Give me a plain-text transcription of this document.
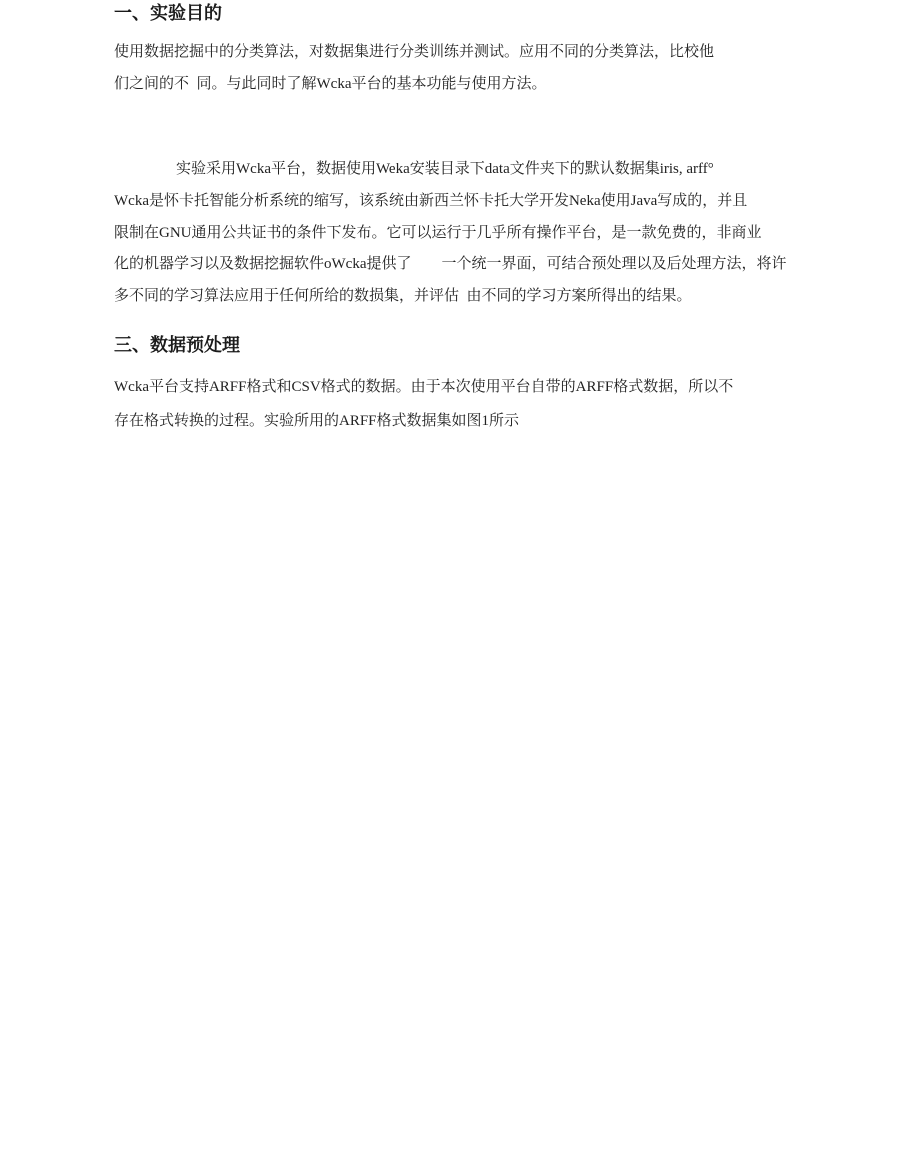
一、实验目的

使用数据挖掘中的分类算法，对数据集进行分类训练并测试。应用不同的分类算法，比校他

们之间的不  同。与此同时了解Wcka平台的基本功能与使用方法。

实验采用Wcka平台，数据使用Weka安装目录下data文件夹下的默认数据集iris, arff°

Wcka是怀卡托智能分析系统的缩写，该系统由新西兰怀卡托大学开发Neka使用Java写成的，并且

限制在GNU通用公共证书的条件下发布。它可以运行于几乎所有操作平台，是一款免费的，非商业

化的机器学习以及数据挖掘软件oWcka提供了        一个统一界面，可结合预处理以及后处理方法，将许

多不同的学习算法应用于任何所给的数损集，并评估  由不同的学习方案所得出的结果。

三、数据预处理

Wcka平台支持ARFF格式和CSV格式的数据。由于本次使用平台自带的ARFF格式数据，所以不

存在格式转换的过程。实验所用的ARFF格式数据集如图1所示
